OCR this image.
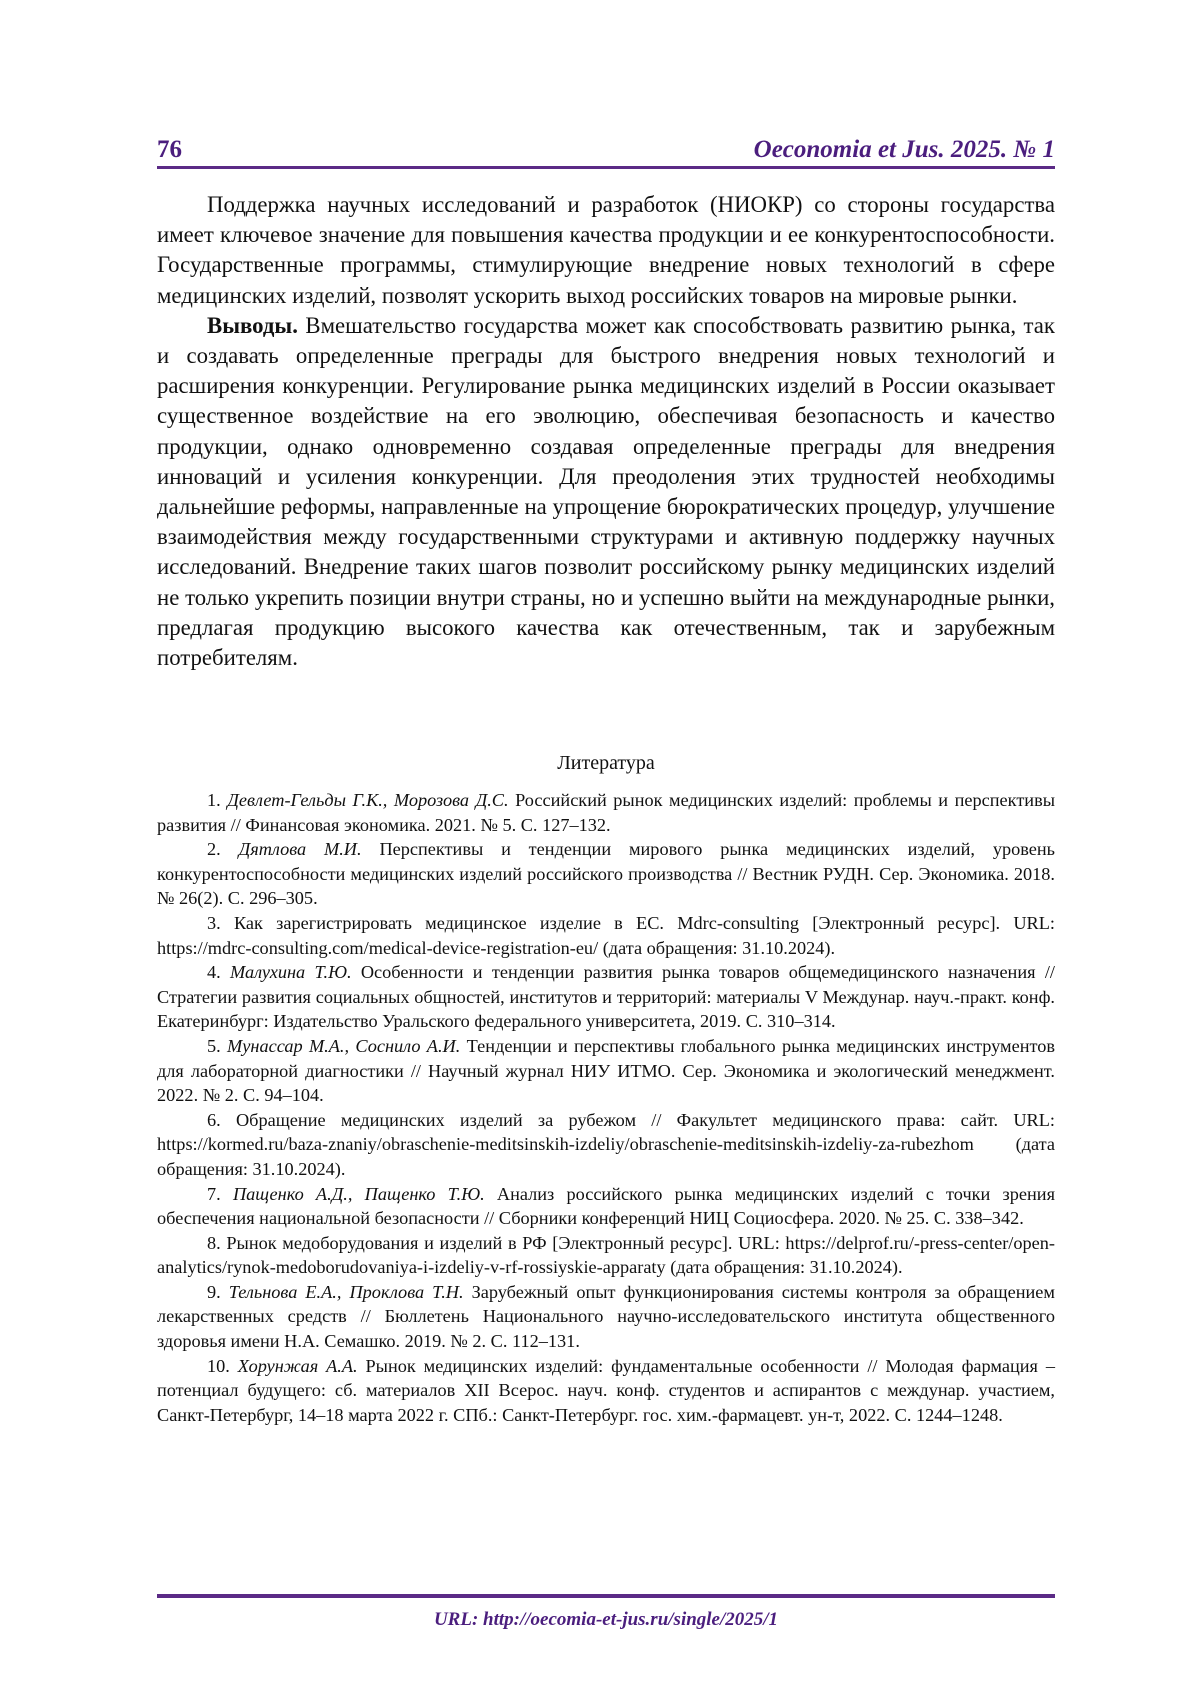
76	Oeconomia et Jus. 2025. № 1

Поддержка научных исследований и разработок (НИОКР) со стороны государства имеет ключевое значение для повышения качества продукции и ее конкурентоспособности. Государственные программы, стимулирующие внедрение новых технологий в сфере медицинских изделий, позволят ускорить выход российских товаров на мировые рынки.

Выводы. Вмешательство государства может как способствовать развитию рынка, так и создавать определенные преграды для быстрого внедрения новых технологий и расширения конкуренции. Регулирование рынка медицинских изделий в России оказывает существенное воздействие на его эволюцию, обеспечивая безопасность и качество продукции, однако одновременно создавая определенные преграды для внедрения инноваций и усиления конкуренции. Для преодоления этих трудностей необходимы дальнейшие реформы, направленные на упрощение бюрократических процедур, улучшение взаимодействия между государственными структурами и активную поддержку научных исследований. Внедрение таких шагов позволит российскому рынку медицинских изделий не только укрепить позиции внутри страны, но и успешно выйти на международные рынки, предлагая продукцию высокого качества как отечественным, так и зарубежным потребителям.

Литература

1. Девлет-Гельды Г.К., Морозова Д.С. Российский рынок медицинских изделий: проблемы и перспективы развития // Финансовая экономика. 2021. № 5. С. 127–132.

2. Дятлова М.И. Перспективы и тенденции мирового рынка медицинских изделий, уровень конкурентоспособности медицинских изделий российского производства // Вестник РУДН. Сер. Экономика. 2018. № 26(2). С. 296–305.

3. Как зарегистрировать медицинское изделие в ЕС. Mdrc-consulting [Электронный ресурс]. URL: https://mdrc-consulting.com/medical-device-registration-eu/ (дата обращения: 31.10.2024).

4. Малухина Т.Ю. Особенности и тенденции развития рынка товаров общемедицинского назначения // Стратегии развития социальных общностей, институтов и территорий: материалы V Междунар. науч.-практ. конф. Екатеринбург: Издательство Уральского федерального университета, 2019. С. 310–314.

5. Мунассар М.А., Соснило А.И. Тенденции и перспективы глобального рынка медицинских инструментов для лабораторной диагностики // Научный журнал НИУ ИТМО. Сер. Экономика и экологический менеджмент. 2022. № 2. С. 94–104.

6. Обращение медицинских изделий за рубежом // Факультет медицинского права: сайт. URL: https://kormed.ru/baza-znaniy/obraschenie-meditsinskih-izdeliy/obraschenie-meditsinskih-izdeliy-za-rubezhom (дата обращения: 31.10.2024).

7. Пащенко А.Д., Пащенко Т.Ю. Анализ российского рынка медицинских изделий с точки зрения обеспечения национальной безопасности // Сборники конференций НИЦ Социосфера. 2020. № 25. С. 338–342.

8. Рынок медоборудования и изделий в РФ [Электронный ресурс]. URL: https://delprof.ru/-press-center/open-analytics/rynok-medoborudovaniya-i-izdeliy-v-rf-rossiyskie-apparaty (дата обращения: 31.10.2024).

9. Тельнова Е.А., Проклова Т.Н. Зарубежный опыт функционирования системы контроля за обращением лекарственных средств // Бюллетень Национального научно-исследовательского института общественного здоровья имени Н.А. Семашко. 2019. № 2. С. 112–131.

10. Хорунжая А.А. Рынок медицинских изделий: фундаментальные особенности // Молодая фармация – потенциал будущего: сб. материалов XII Всерос. науч. конф. студентов и аспирантов с междунар. участием, Санкт-Петербург, 14–18 марта 2022 г. СПб.: Санкт-Петербург. гос. хим.-фармацевт. ун-т, 2022. С. 1244–1248.

URL: http://oecomia-et-jus.ru/single/2025/1
